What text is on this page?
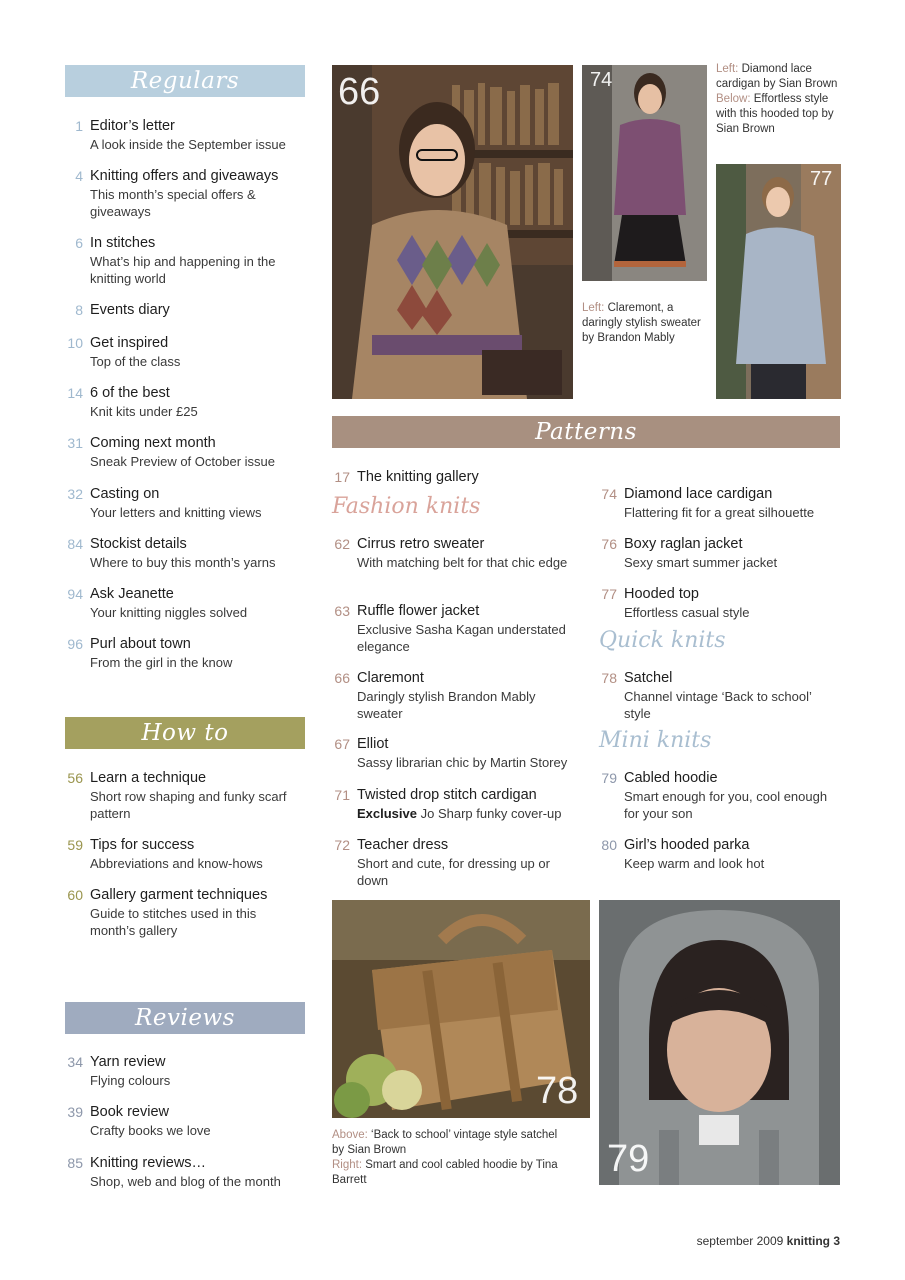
Regulars
1 Editor’s letter
A look inside the September issue
4 Knitting offers and giveaways
This month’s special offers & giveaways
6 In stitches
What’s hip and happening in the knitting world
8 Events diary
10 Get inspired
Top of the class
14 6 of the best
Knit kits under £25
31 Coming next month
Sneak Preview of October issue
32 Casting on
Your letters and knitting views
84 Stockist details
Where to buy this month’s yarns
94 Ask Jeanette
Your knitting niggles solved
96 Purl about town
From the girl in the know
How to
56 Learn a technique
Short row shaping and funky scarf pattern
59 Tips for success
Abbreviations and know-hows
60 Gallery garment techniques
Guide to stitches used in this month’s gallery
Reviews
34 Yarn review
Flying colours
39 Book review
Crafty books we love
85 Knitting reviews…
Shop, web and blog of the month
66	74	Left: Diamond lace cardigan by Sian Brown
Below: Effortless style with this hooded top by Sian Brown
77
Left: Claremont, a daringly stylish sweater by Brandon Mably
Patterns
17 The knitting gallery
Fashion knits
62 Cirrus retro sweater
With matching belt for that chic edge
63 Ruffle flower jacket
Exclusive Sasha Kagan understated elegance
66 Claremont
Daringly stylish Brandon Mably sweater
67 Elliot
Sassy librarian chic by Martin Storey
71 Twisted drop stitch cardigan
Exclusive Jo Sharp funky cover-up
72 Teacher dress
Short and cute, for dressing up or down
74 Diamond lace cardigan
Flattering fit for a great silhouette
76 Boxy raglan jacket
Sexy smart summer jacket
77 Hooded top
Effortless casual style
Quick knits
78 Satchel
Channel vintage ‘Back to school’ style
Mini knits
79 Cabled hoodie
Smart enough for you, cool enough for your son
80 Girl’s hooded parka
Keep warm and look hot
78
Above: ‘Back to school’ vintage style satchel by Sian Brown
Right: Smart and cool cabled hoodie by Tina Barrett	79
september 2009 knitting 3
